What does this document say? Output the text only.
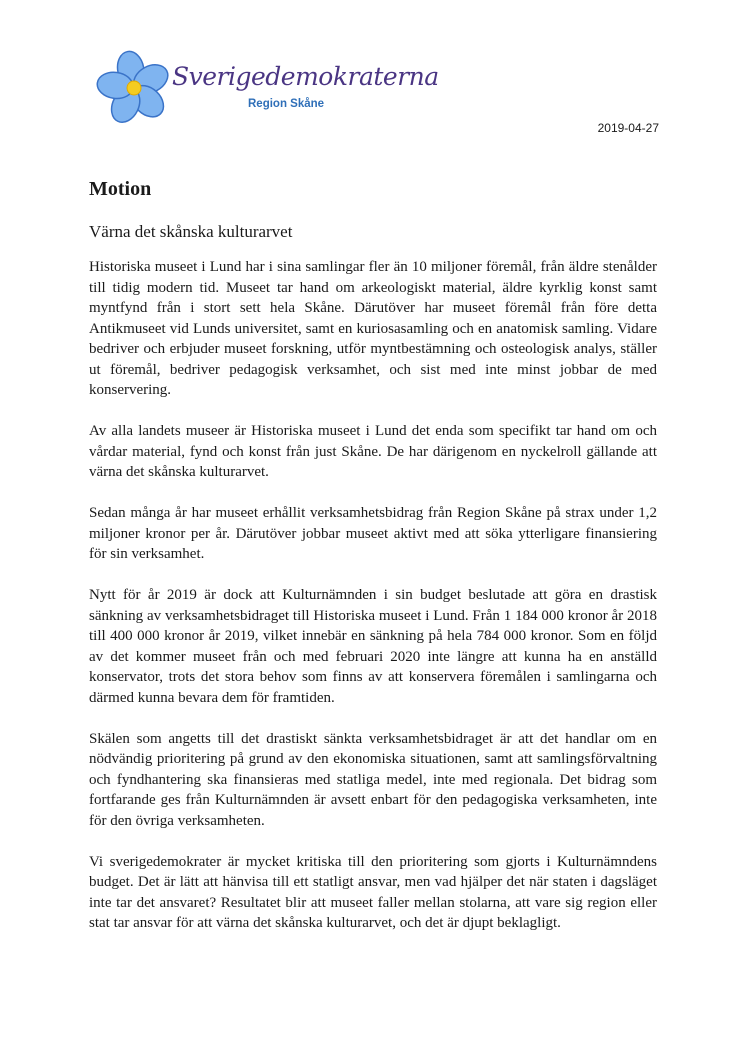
Sverigedemokraterna
Region Skåne
2019-04-27
Motion
Värna det skånska kulturarvet

Historiska museet i Lund har i sina samlingar fler än 10 miljoner föremål, från äldre stenålder till tidig modern tid. Museet tar hand om arkeologiskt material, äldre kyrklig konst samt myntfynd från i stort sett hela Skåne. Därutöver har museet föremål från före detta Antikmuseet vid Lunds universitet, samt en kuriosasamling och en anatomisk samling. Vidare bedriver och erbjuder museet forskning, utför myntbestämning och osteologisk analys, ställer ut föremål, bedriver pedagogisk verksamhet, och sist med inte minst jobbar de med konservering.

Av alla landets museer är Historiska museet i Lund det enda som specifikt tar hand om och vårdar material, fynd och konst från just Skåne. De har därigenom en nyckelroll gällande att värna det skånska kulturarvet.

Sedan många år har museet erhållit verksamhetsbidrag från Region Skåne på strax under 1,2 miljoner kronor per år. Därutöver jobbar museet aktivt med att söka ytterligare finansiering för sin verksamhet.

Nytt för år 2019 är dock att Kulturnämnden i sin budget beslutade att göra en drastisk sänkning av verksamhetsbidraget till Historiska museet i Lund. Från 1 184 000 kronor år 2018 till 400 000 kronor år 2019, vilket innebär en sänkning på hela 784 000 kronor. Som en följd av det kommer museet från och med februari 2020 inte längre att kunna ha en anställd konservator, trots det stora behov som finns av att konservera föremålen i samlingarna och därmed kunna bevara dem för framtiden.

Skälen som angetts till det drastiskt sänkta verksamhetsbidraget är att det handlar om en nödvändig prioritering på grund av den ekonomiska situationen, samt att samlingsförvaltning och fyndhantering ska finansieras med statliga medel, inte med regionala. Det bidrag som fortfarande ges från Kulturnämnden är avsett enbart för den pedagogiska verksamheten, inte för den övriga verksamheten.

Vi sverigedemokrater är mycket kritiska till den prioritering som gjorts i Kulturnämndens budget. Det är lätt att hänvisa till ett statligt ansvar, men vad hjälper det när staten i dagsläget inte tar det ansvaret? Resultatet blir att museet faller mellan stolarna, att vare sig region eller stat tar ansvar för att värna det skånska kulturarvet, och det är djupt beklagligt.
